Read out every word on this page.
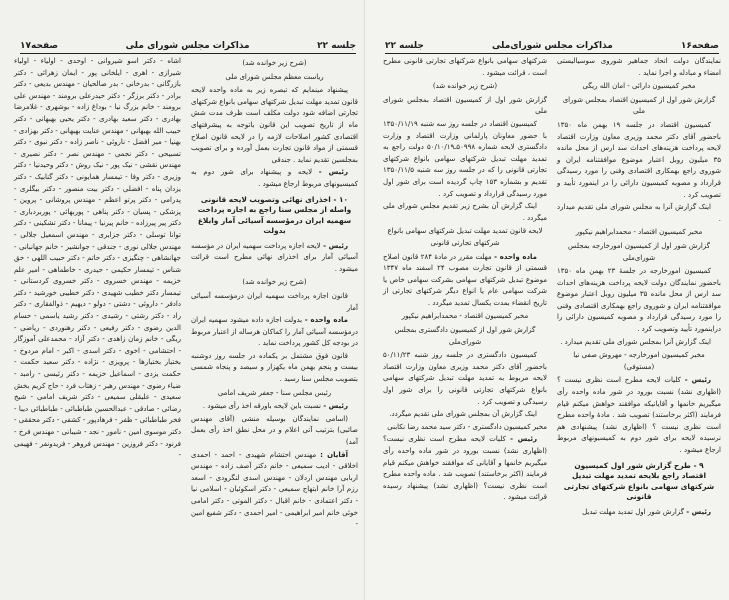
صفحه۱۷	مذاکرات مجلس شورای ملی	جلسه ۲۲
(شرح زیر خوانده شد)
ریاست معظم مجلس شورای ملی
پیشنهاد مینمایم که تبصره زیر به ماده واحده لایحه قانون تمدید مهلت تبدیل شرکتهای سهامی بانواع شرکتهای تجارتی اضافه شود دولت مکلف است ظرف مدت شش ماه از تاریخ تصویب این قانون باتوجه به پیشرفتهای اقتصادی کشور اصلاحات لازمه را در لایحه قانون اصلاح قسمتی از مواد قانون تجارت بعمل آورده و برای تصویب بمجلسین تقدیم نماید . جندقی
رئیس - لایحه و پیشنهاد برای شور دوم به کمیسیونهای مربوط ارجاع میشود .
۱۰ - اخذرای نهائی وتصویب لایحه قانونی واصله از مجلس سنا راجع به اجازه پرداخت سهمیه ایران درمؤسسه آسیائی آمار وابلاغ بدولت
رئیس - لایحه اجازه پرداخت سهمیه ایران در مؤسسه آسیائی آمار برای اخذرای نهائی مطرح است قرائت میشود .
(شرح زیر خوانده شد)
قانون اجازه پرداخت سهمیه ایران درمؤسسه آسیائی آمار
ماده واحده - بدولت اجازه داده میشود سهمیه ایران درمؤسسه آسیائی آمار را کماکان هرساله از اعتبار مربوط در بودجه کل کشور پرداخت نماید .
قانون فوق مشتمل بر یکماده در جلسه روز دوشنبه بیست و پنجم بهمن ماه یکهزار و سیصد و پنجاه شمسی بتصویب مجلس سنا رسید .
رئیس مجلس سنا - جعفر شریف امامی
رئیس - نسبت باین لایحه باورقه اخذ رأی میشود .
(اسامی نمایندگان بوسیله منشی (آقای مهندس صائبی) بترتیب آتی اعلام و در محل نطق اخذ رأی بعمل آمد)
آقایان : مهندس احتشام شهیدی - احمد - احمدی اخلاقی - ادیب سمیعی - خانم دکتر آصف زاده - مهندس اربابی مهندس اردلان - مهندس اسدی لنگرودی - اسعد رزم آرا خانم ابتهاج سمیعی - دکتر اسکوئیان - اسلامی نیا - دکتر اعتمادی - خانم اقبال - دکتر الموتی - دکتر امامی خوئی خانم امیر ابراهیمی - امیر احمدی - دکتر شفیع امین -
اشاه - دکتر اسو شیروانی - اوحدی - اولیاء - اولیاء شیرازی - اهری - ایلخانی پور - ایمان زهرائی - دکتر بازرگانی - بدرخانی - بدر صالحیان - مهندس بدیعی - دکتر برادر - دکتر برزگر - دکتر حیدرعلی برومند - مهندس علی برومند - خانم بزرگ نیا - بوداغ زاده - بوشهری - غلامرضا بهادری - دکتر سعید بهادری - دکتر یحیی بهبهانی - دکتر حبیب الله بهبهانی - مهندس عنایت بهبهانی - دکتر بهزادی - بهنیا - میر افضل - ناروئی - ناصر زاده - دکتر نبوی - دکتر تسبیحی - دکتر نجمی - مهندس نصر - دکتر نصیری - مهندس نقشی - نیک پور - نیک روش - دکتر وحیدنیا - دکتر وزیری - دکتر وفا - تیمسار همایونی - دکتر گنابیک - دکتر یزدان پناه - افضلی - دکتر بیت منصور - دکتر بیگلری - پدرامی - دکتر پرتو اعظم - مهندس پروشانی - پروین - پزشکی - پسیان - دکتر پناهی - پوربهائی - پوربردباری - دکتر پیر پیرزاده - خانم پیرنیا - پیمانا - دکتر تشکینی - دکتر توانا توسلی - دکتر جزایری - مهندس اسمعیل جلالی - مهندس جلالی نوری - جندقی - جوانشیر - خانم جهانبانی - جهانشاهی - چنگیزی - دکتر حاتم - دکتر حبیب اللهی - حق شناس - تیمسار حکیمی - حیدری - خاطماهی - امیر علم خزیمه - مهندس خسروی - دکتر خسروی کردستانی - تیمسار دکتر خطیب شهیدی - دکتر خطیبی خورشید - دکتر دادفر - داروئی - دشتی - دولو - دیهیم - ذوالفقاری - دکتر راد - دکتر رشتی - رشیدی - دکتر رشید یاسمی - حسام الدین رضوی - دکتر رفیعی - دکتر رهنوردی - ریاضی - ریگی - خانم زمان زاهدی - دکتر آزاد - محمدعلی آموزگار - احتشامی - اخوی - دکتر اسدی - اکبر - امام مردوخ - بختیار بختیارها - پرویزی - نژاده - دکتر سعید حکمت - حکمت یزدی - اسماعیل خزیمه - دکتر رئیسی - رامبد - ضیاء رضوی - مهندس رهبر - زهتاب فرد - حاج کریم بخش سعیدی - علیقلی سمیعی - دکتر شریف امامی - شیخ رضائی - صادقی - عبدالحسین طباطبائی - طباطبائی دیبا - فخر طباطبائی - ظفر - فرهادپور - کشفی - دکتر محققی - دکتر موسوی امین - نامور - نجد - شیبانی - مهندس فرخ - فرنود - دکتر فروزین - مهندس فروهر - فریدونفر - فهیمی -
جلسه ۲۲	مذاکرات مجلس شورای‌ملی	صفحه۱۶
نمایندگان دولت اتحاد جماهیر شوروی سوسیالیستی امضاء و مبادله و اجرا نماید .
مخبر کمیسیون دارائی - امان الله ریگی
گزارش شور اول از کمیسیون اقتصاد بمجلس شورای ملی
کمیسیون اقتصاد در جلسه ۱۹ بهمن ماه ۱۳۵۰ باحضور آقای دکتر محمد وزیری معاون وزارت اقتصاد لایحه پرداخت هزینه‌های احداث سد ارس از محل مانده ۳۵ میلیون روبل اعتبار موضوع موافقتنامه ایران و شوروی راجع بهمکاری اقتصادی وفنی را مورد رسیدگی قرارداد و مصوبه کمیسیون دارائی را در اینمورد تأیید و تصویب کرد .
اینک گزارش آنرا به مجلس شورای ملی تقدیم میدارد .
مخبر کمیسیون اقتصاد - محمدابراهیم نیکپور
گزارش شور اول از کمیسیون امورخارجه بمجلس شورای‌ملی
کمیسیون امورخارجه در جلسهٔ ۲۳ بهمن ماه ۱۳۵۰ باحضور نمایندگان دولت لایحه پرداخت هزینه‌های احداث سد ارس از محل مانده ۳۵ میلیون روبل اعتبار موضوع موافقتنامه ایران و شوروی راجع بهمکاری اقتصادی وفنی را مورد رسیدگی قرارداد و مصوبه کمیسیون دارائی را دراینمورد تأیید وتصویب کرد .
اینک گزارش آنرا بمجلس شورای ملی تقدیم میدارد .
مخبر کمیسیون امورخارجه - مهروش صفی نیا (مستوفی)
رئیس - کلیات لایحه مطرح است نظری نیست ؟ (اظهاری نشد) نسبت بورود در شور ماده واحده رأی میگیریم خانمها و آقایانیکه موافقند خواهش میکنم قیام فرمایند (اکثر برخاستند) تصویب شد . مادهٔ واحده مطرح است نظری نیست ؟ (اظهاری نشد) پیشنهادی هم نرسیده لایحه برای شور دوم به کمیسیونهای مربوط ارجاع میشود .
۹ - طرح گزارش شور اول کمیسیون اقتصاد راجع بلایحه تمدید مهلت تبدیل شرکتهای سهامی بانواع شرکتهای تجارتی قانونی
رئیس - گزارش شور اول تمدید مهلت تبدیل
شرکتهای سهامی بانواع شرکتهای تجارتی قانونی مطرح است ، قرائت میشود .
(شرح زیر خوانده شد)
گزارش شور اول از کمیسیون اقتصاد بمجلس شورای ملی
کمیسیون اقتصاد در جلسه روز سه شنبه ۱۳۵۰/۱۱/۱۹ با حضور معاونان پارلمانی وزارت اقتصاد و وزارت دادگستری لایحه شماره ۵۰۹۹۸ـ۵۰/۱۰/۱۹ دولت راجع به تمدید مهلت تبدیل شرکتهای سهامی بانواع شرکتهای تجارتی قانونی را که در جلسه روز سه شنبه ۱۳۵۰/۱۱/۵ تقدیم و بشماره ۱۵۳ چاپ گردیده است برای شور اول مورد رسیدگی قرارداد و تصویب کرد .
اینک گزارش آن بشرح زیر تقدیم مجلس شورای ملی میگردد .
لایحه قانون تمدید مهلت تبدیل شرکتهای سهامی بانواع شرکتهای تجارتی قانونی
ماده واحده - مهلت مقرر در مادهٔ ۲۸۴ قانون اصلاح قسمتی از قانون تجارت مصوب ۲۴ اسفند ماه ۱۳۴۷ موضوع تبدیل شرکتهای سهامی بشرکت سهامی خاص یا شرکت سهامی عام یا انواع دیگر شرکتهای تجارتی از تاریخ انقضاء بمدت یکسال تمدید میگردد .
مخبر کمیسیون اقتصاد - محمدابراهیم نیکپور
گزارش شور اول از کمیسیون دادگستری بمجلس شورای‌ملی
کمیسیون دادگستری در جلسه روز شنبه ۵۰/۱۱/۲۳ باحضور آقای دکتر محمد وزیری معاون وزارت اقتصاد لایحه مربوط به تمدید مهلت تبدیل شرکتهای سهامی بانواع شرکتهای تجارتی قانونی را برای شور اول رسیدگی و تصویب کرد .
اینک گزارش آن بمجلس شورای ملی تقدیم میگردد.
مخبر کمیسیون دادگستری - دکتر سید محمد رضا نکابنی
رئیس - کلیات لایحه مطرح است نظری نیست؟ (اظهاری نشد) نسبت بورود در شور ماده واحده رأی میگیریم خانمها و آقایانی که موافقند خواهش میکنم قیام فرمایند (اکثر برخاستند) تصویب شد . ماده واحده مطرح است نظری نیست؟ (اظهاری نشد) پیشنهاد رسیده قرائت میشود .
